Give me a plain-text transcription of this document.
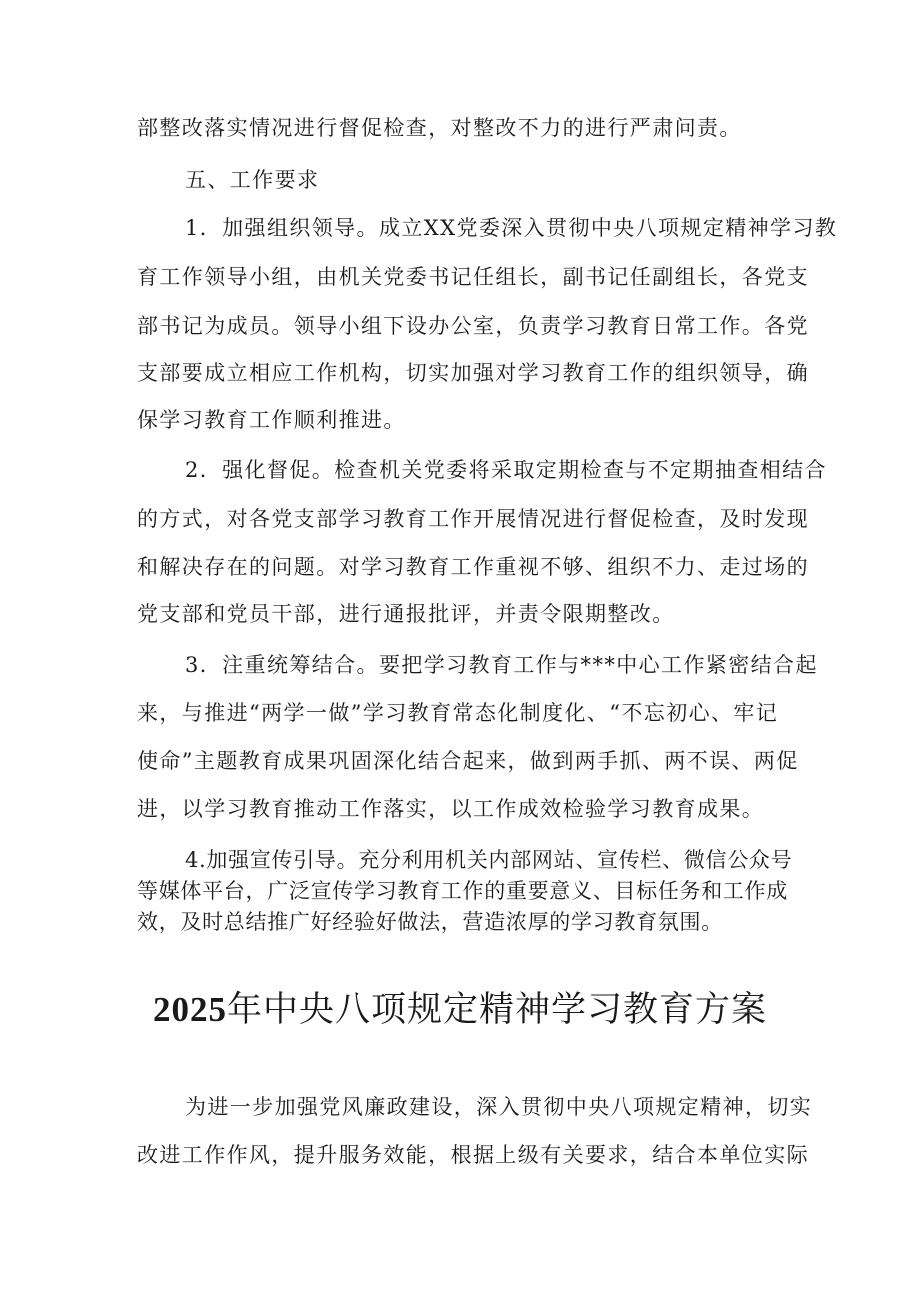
部整改落实情况进行督促检查，对整改不力的进行严肃问责。
五、工作要求
1．加强组织领导。成立XX党委深入贯彻中央八项规定精神学习教
育工作领导小组，由机关党委书记任组长，副书记任副组长，各党支
部书记为成员。领导小组下设办公室，负责学习教育日常工作。各党
支部要成立相应工作机构，切实加强对学习教育工作的组织领导，确
保学习教育工作顺利推进。
2．强化督促。检查机关党委将采取定期检查与不定期抽查相结合
的方式，对各党支部学习教育工作开展情况进行督促检查，及时发现
和解决存在的问题。对学习教育工作重视不够、组织不力、走过场的
党支部和党员干部，进行通报批评，并责令限期整改。
3．注重统筹结合。要把学习教育工作与***中心工作紧密结合起
来，与推进“两学一做”学习教育常态化制度化、“不忘初心、牢记
使命”主题教育成果巩固深化结合起来，做到两手抓、两不误、两促
进，以学习教育推动工作落实，以工作成效检验学习教育成果。
4.加强宣传引导。充分利用机关内部网站、宣传栏、微信公众号
等媒体平台，广泛宣传学习教育工作的重要意义、目标任务和工作成
效，及时总结推广好经验好做法，营造浓厚的学习教育氛围。
2025年中央八项规定精神学习教育方案
为进一步加强党风廉政建设，深入贯彻中央八项规定精神，切实
改进工作作风，提升服务效能，根据上级有关要求，结合本单位实际
